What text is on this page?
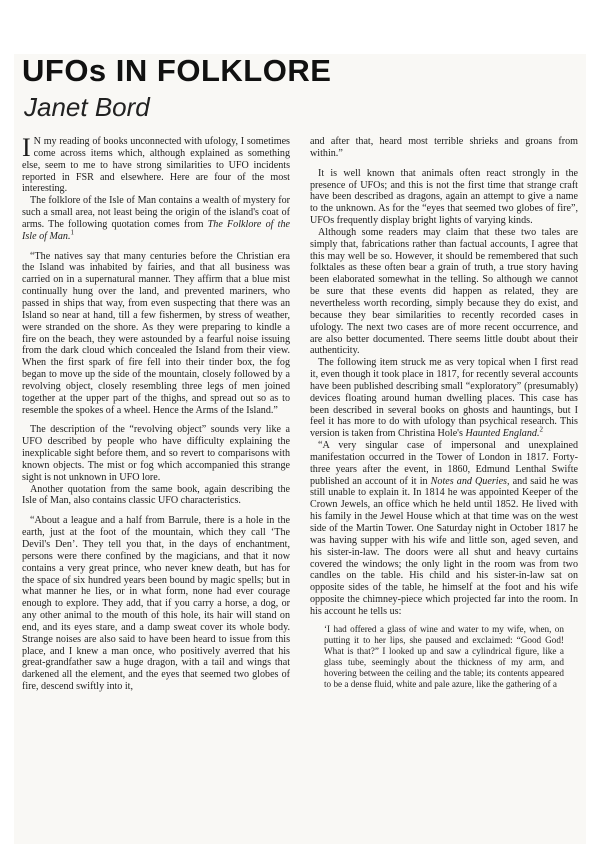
UFOs IN FOLKLORE
Janet Bord

I N my reading of books unconnected with ufology, I sometimes come across items which, although explained as something else, seem to me to have strong similarities to UFO incidents reported in FSR and elsewhere. Here are four of the most interesting.

The folklore of the Isle of Man contains a wealth of mystery for such a small area, not least being the origin of the island's coat of arms. The following quotation comes from The Folklore of the Isle of Man.$^1$

“The natives say that many centuries before the Christian era the Island was inhabited by fairies, and that all business was carried on in a supernatural manner. They affirm that a blue mist continually hung over the land, and prevented mariners, who passed in ships that way, from even suspecting that there was an Island so near at hand, till a few fishermen, by stress of weather, were stranded on the shore. As they were preparing to kindle a fire on the beach, they were astounded by a fearful noise issuing from the dark cloud which concealed the Island from their view. When the first spark of fire fell into their tinder box, the fog began to move up the side of the mountain, closely followed by a revolving object, closely resembling three legs of men joined together at the upper part of the thighs, and spread out so as to resemble the spokes of a wheel. Hence the Arms of the Island.”

The description of the “revolving object” sounds very like a UFO described by people who have difficulty explaining the inexplicable sight before them, and so revert to comparisons with known objects. The mist or fog which accompanied this strange sight is not unknown in UFO lore.

Another quotation from the same book, again describing the Isle of Man, also contains classic UFO characteristics.

“About a league and a half from Barrule, there is a hole in the earth, just at the foot of the mountain, which they call ‘The Devil's Den’. They tell you that, in the days of enchantment, persons were there confined by the magicians, and that it now contains a very great prince, who never knew death, but has for the space of six hundred years been bound by magic spells; but in what manner he lies, or in what form, none had ever courage enough to explore. They add, that if you carry a horse, a dog, or any other animal to the mouth of this hole, its hair will stand on end, and its eyes stare, and a damp sweat cover its whole body. Strange noises are also said to have been heard to issue from this place, and I knew a man once, who positively averred that his great-grandfather saw a huge dragon, with a tail and wings that darkened all the element, and the eyes that seemed two globes of fire, descend swiftly into it,

and after that, heard most terrible shrieks and groans from within.”

It is well known that animals often react strongly in the presence of UFOs; and this is not the first time that strange craft have been described as dragons, again an attempt to give a name to the unknown. As for the “eyes that seemed two globes of fire”, UFOs frequently display bright lights of varying kinds.

Although some readers may claim that these two tales are simply that, fabrications rather than factual accounts, I agree that this may well be so. However, it should be remembered that such folktales as these often bear a grain of truth, a true story having been elaborated somewhat in the telling. So although we cannot be sure that these events did happen as related, they are nevertheless worth recording, simply because they do exist, and because they bear similarities to recently recorded cases in ufology. The next two cases are of more recent occurrence, and are also better documented. There seems little doubt about their authenticity.

The following item struck me as very topical when I first read it, even though it took place in 1817, for recently several accounts have been published describing small “exploratory” (presumably) devices floating around human dwelling places. This case has been described in several books on ghosts and hauntings, but I feel it has more to do with ufology than psychical research. This version is taken from Christina Hole's Haunted England.$^2$

“A very singular case of impersonal and unexplained manifestation occurred in the Tower of London in 1817. Forty-three years after the event, in 1860, Edmund Lenthal Swifte published an account of it in Notes and Queries, and said he was still unable to explain it. In 1814 he was appointed Keeper of the Crown Jewels, an office which he held until 1852. He lived with his family in the Jewel House which at that time was on the west side of the Martin Tower. One Saturday night in October 1817 he was having supper with his wife and little son, aged seven, and his sister-in-law. The doors were all shut and heavy curtains covered the windows; the only light in the room was from two candles on the table. His child and his sister-in-law sat on opposite sides of the table, he himself at the foot and his wife opposite the chimney-piece which projected far into the room. In his account he tells us:

‘I had offered a glass of wine and water to my wife, when, on putting it to her lips, she paused and exclaimed: “Good God! What is that?” I looked up and saw a cylindrical figure, like a glass tube, seemingly about the thickness of my arm, and hovering between the ceiling and the table; its contents appeared to be a dense fluid, white and pale azure, like the gathering of a
